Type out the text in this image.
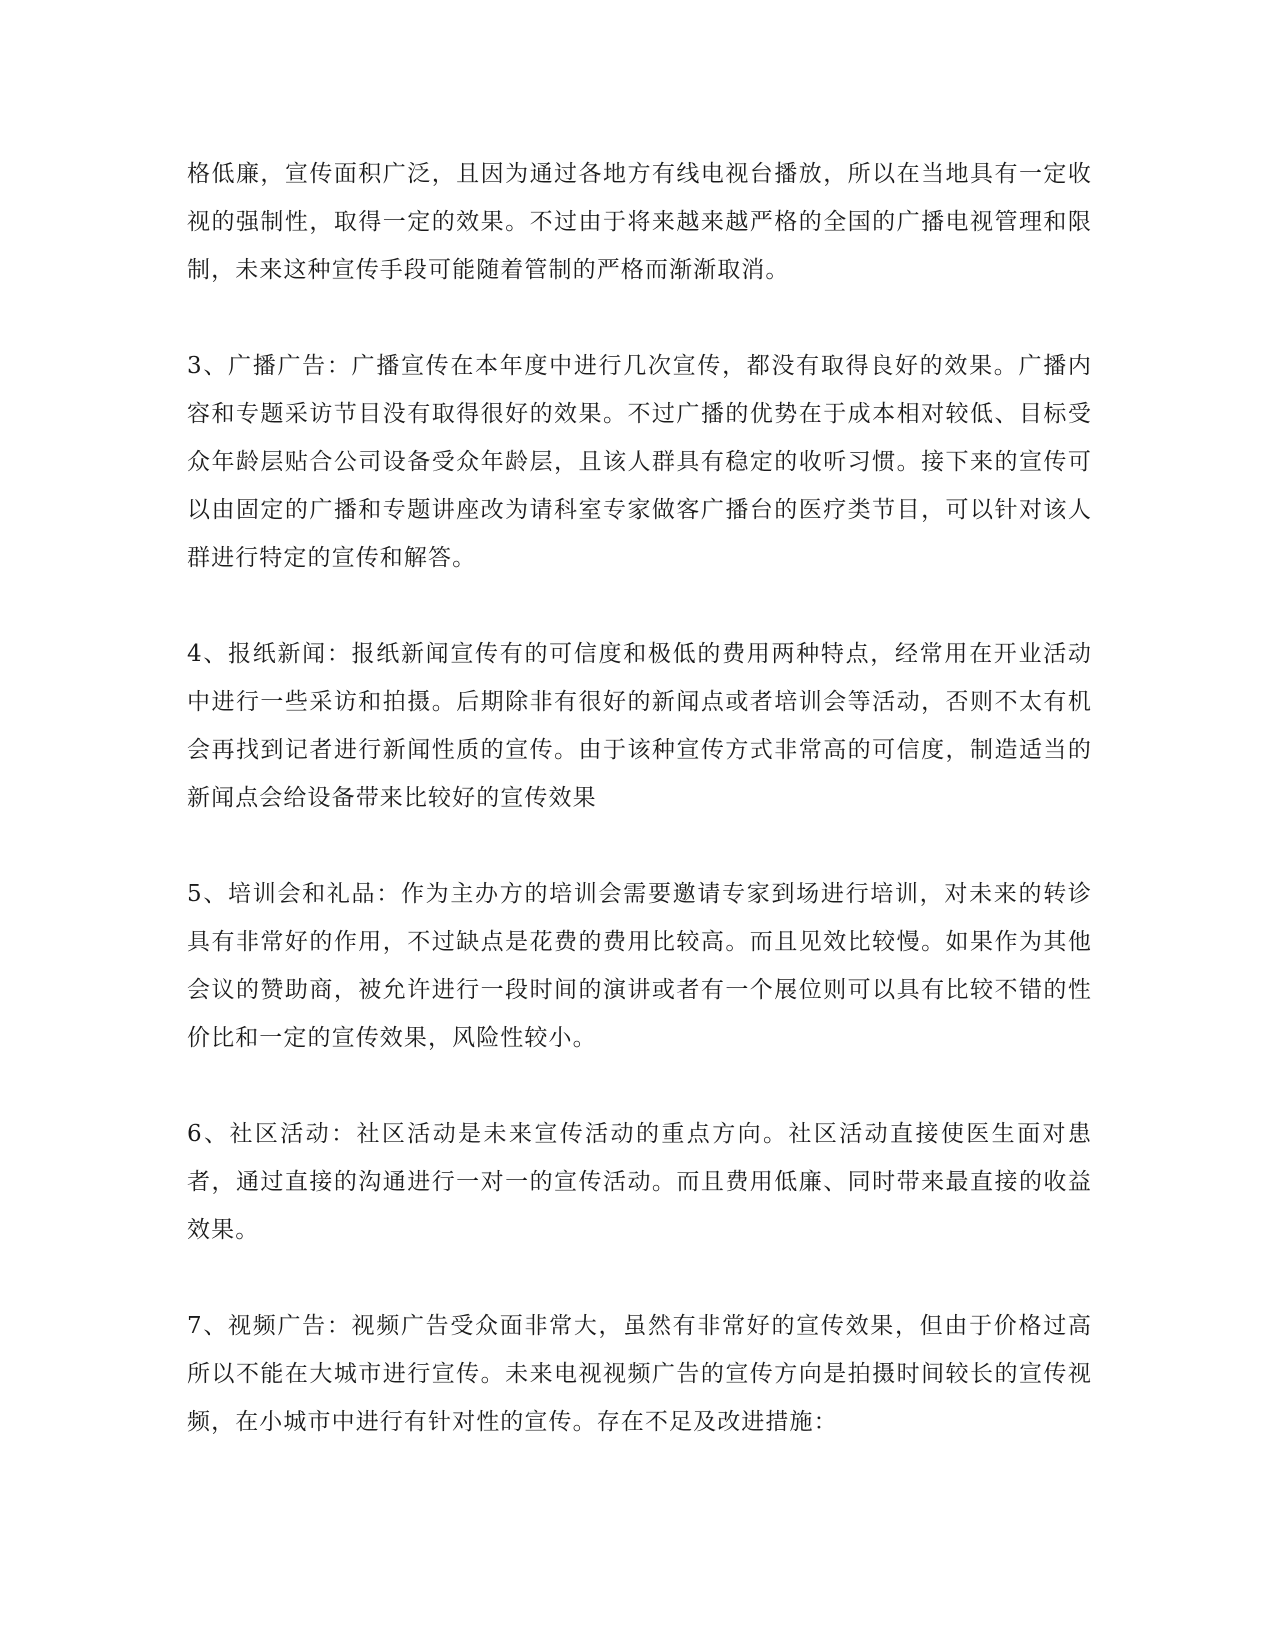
格低廉，宣传面积广泛，且因为通过各地方有线电视台播放，所以在当地具有一定收视的强制性，取得一定的效果。不过由于将来越来越严格的全国的广播电视管理和限制，未来这种宣传手段可能随着管制的严格而渐渐取消。

3、广播广告：广播宣传在本年度中进行几次宣传，都没有取得良好的效果。广播内容和专题采访节目没有取得很好的效果。不过广播的优势在于成本相对较低、目标受众年龄层贴合公司设备受众年龄层，且该人群具有稳定的收听习惯。接下来的宣传可以由固定的广播和专题讲座改为请科室专家做客广播台的医疗类节目，可以针对该人群进行特定的宣传和解答。

4、报纸新闻：报纸新闻宣传有的可信度和极低的费用两种特点，经常用在开业活动中进行一些采访和拍摄。后期除非有很好的新闻点或者培训会等活动，否则不太有机会再找到记者进行新闻性质的宣传。由于该种宣传方式非常高的可信度，制造适当的新闻点会给设备带来比较好的宣传效果

5、培训会和礼品：作为主办方的培训会需要邀请专家到场进行培训，对未来的转诊具有非常好的作用，不过缺点是花费的费用比较高。而且见效比较慢。如果作为其他会议的赞助商，被允许进行一段时间的演讲或者有一个展位则可以具有比较不错的性价比和一定的宣传效果，风险性较小。

6、社区活动：社区活动是未来宣传活动的重点方向。社区活动直接使医生面对患者，通过直接的沟通进行一对一的宣传活动。而且费用低廉、同时带来最直接的收益效果。

7、视频广告：视频广告受众面非常大，虽然有非常好的宣传效果，但由于价格过高所以不能在大城市进行宣传。未来电视视频广告的宣传方向是拍摄时间较长的宣传视频，在小城市中进行有针对性的宣传。存在不足及改进措施：
